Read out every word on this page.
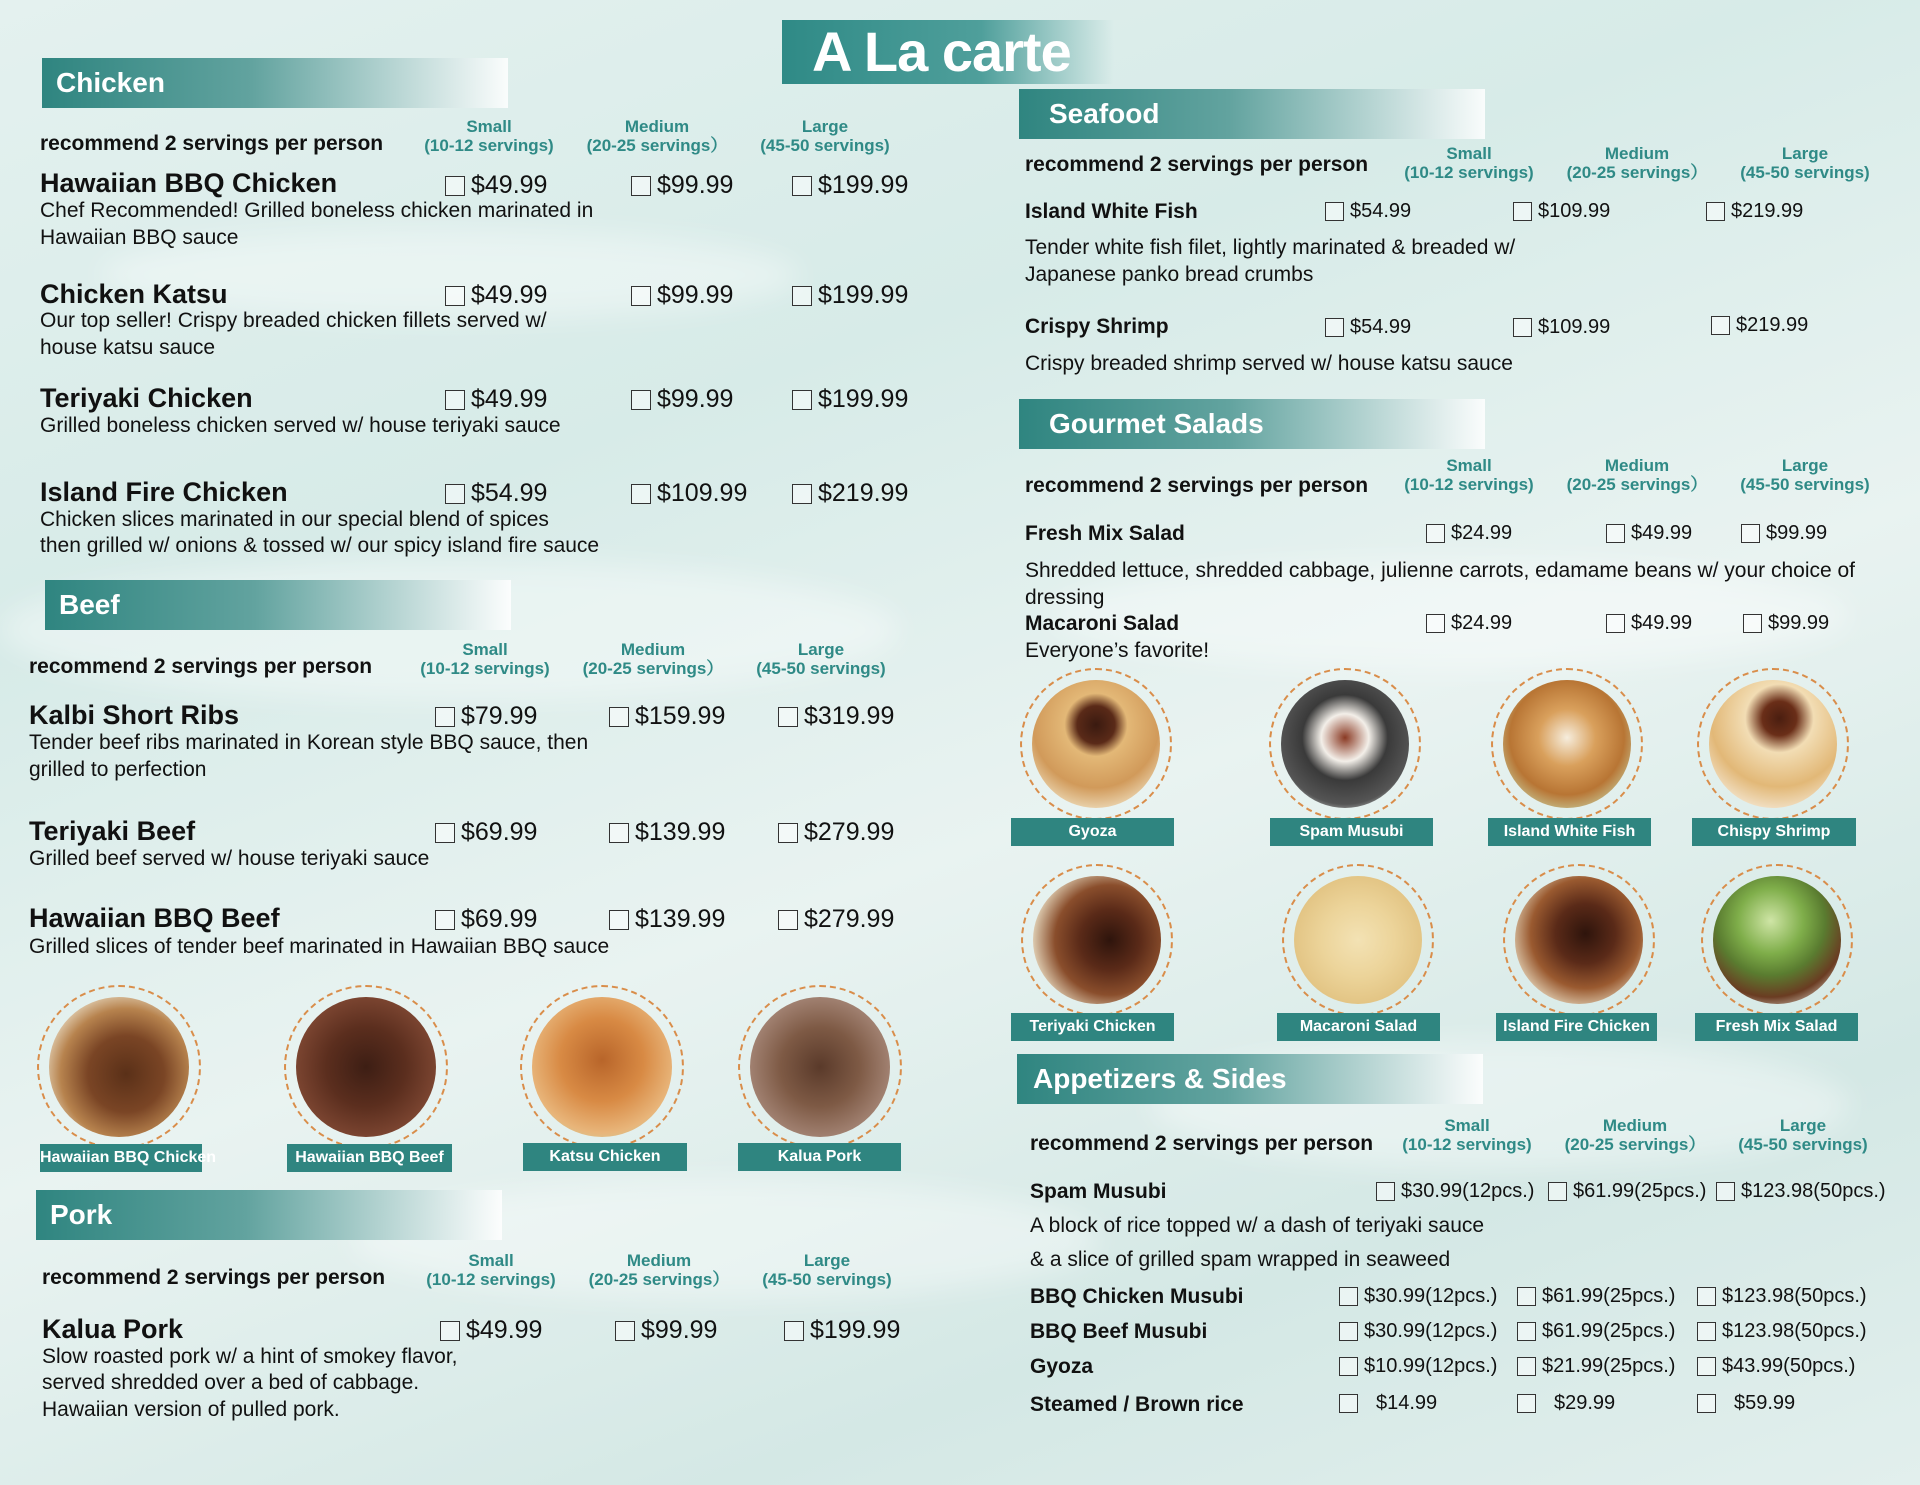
A La carte
Chicken
recommend 2 servings per person
Small
(10-12 servings)
Medium
(20-25 servings）
Large
(45-50 servings)
Hawaiian BBQ Chicken
Chef Recommended! Grilled boneless chicken marinated in Hawaiian BBQ sauce
$49.99	$99.99	$199.99
Chicken Katsu
Our top seller! Crispy breaded chicken fillets served w/ house katsu sauce
$49.99	$99.99	$199.99
Teriyaki Chicken
Grilled boneless chicken served w/ house teriyaki sauce
$49.99	$99.99	$199.99
Island Fire Chicken
Chicken slices marinated in our special blend of spices
then grilled w/ onions & tossed w/ our spicy island fire sauce
$54.99	$109.99	$219.99
Beef
recommend 2 servings per person
Small
(10-12 servings)
Medium
(20-25 servings）
Large
(45-50 servings)
Kalbi Short Ribs
Tender beef ribs marinated in Korean style BBQ sauce, then grilled to perfection
$79.99	$159.99	$319.99
Teriyaki Beef
Grilled beef served w/ house teriyaki sauce
$69.99	$139.99	$279.99
Hawaiian BBQ Beef
Grilled slices of tender beef marinated in Hawaiian BBQ sauce
$69.99	$139.99	$279.99
Hawaiian BBQ Chicken	Hawaiian BBQ Beef	Katsu Chicken	Kalua Pork
Pork
recommend 2 servings per person
Small
(10-12 servings)
Medium
(20-25 servings）
Large
(45-50 servings)
Kalua Pork
Slow roasted pork w/ a hint of smokey flavor,
served shredded over a bed of cabbage.
Hawaiian version of pulled pork.
$49.99	$99.99	$199.99
Seafood
recommend 2 servings per person	Small
(10-12 servings)
Medium
(20-25 servings）
Large
(45-50 servings)
Island White Fish
Tender white fish filet, lightly marinated & breaded w/ Japanese panko bread crumbs
$54.99	$109.99	$219.99
Crispy Shrimp
Crispy breaded shrimp served w/ house katsu sauce
$54.99	$109.99	$219.99
Gourmet Salads
recommend 2 servings per person
Small
(10-12 servings)
Medium
(20-25 servings）
Large
(45-50 servings)
Fresh Mix Salad
Shredded lettuce, shredded cabbage, julienne carrots, edamame beans w/ your choice of dressing
$24.99	$49.99	$99.99
Macaroni Salad
Everyone’s favorite!
$24.99	$49.99	$99.99
Gyoza	Spam Musubi	Island White Fish	Chispy Shrimp
Teriyaki Chicken	Macaroni Salad	Island Fire Chicken	Fresh Mix Salad
Appetizers & Sides
recommend 2 servings per person
Small
(10-12 servings)
Medium
(20-25 servings）
Large
(45-50 servings)
Spam Musubi
A block of rice topped w/ a dash of teriyaki sauce
& a slice of grilled spam wrapped in seaweed
$30.99(12pcs.) $61.99(25pcs.) $123.98(50pcs.)
BBQ Chicken Musubi	$30.99(12pcs.) $61.99(25pcs.) $123.98(50pcs.)
BBQ Beef Musubi	$30.99(12pcs.) $61.99(25pcs.) $123.98(50pcs.)
Gyoza	$10.99(12pcs.) $21.99(25pcs.) $43.99(50pcs.)
Steamed / Brown rice	$14.99	$29.99	$59.99
